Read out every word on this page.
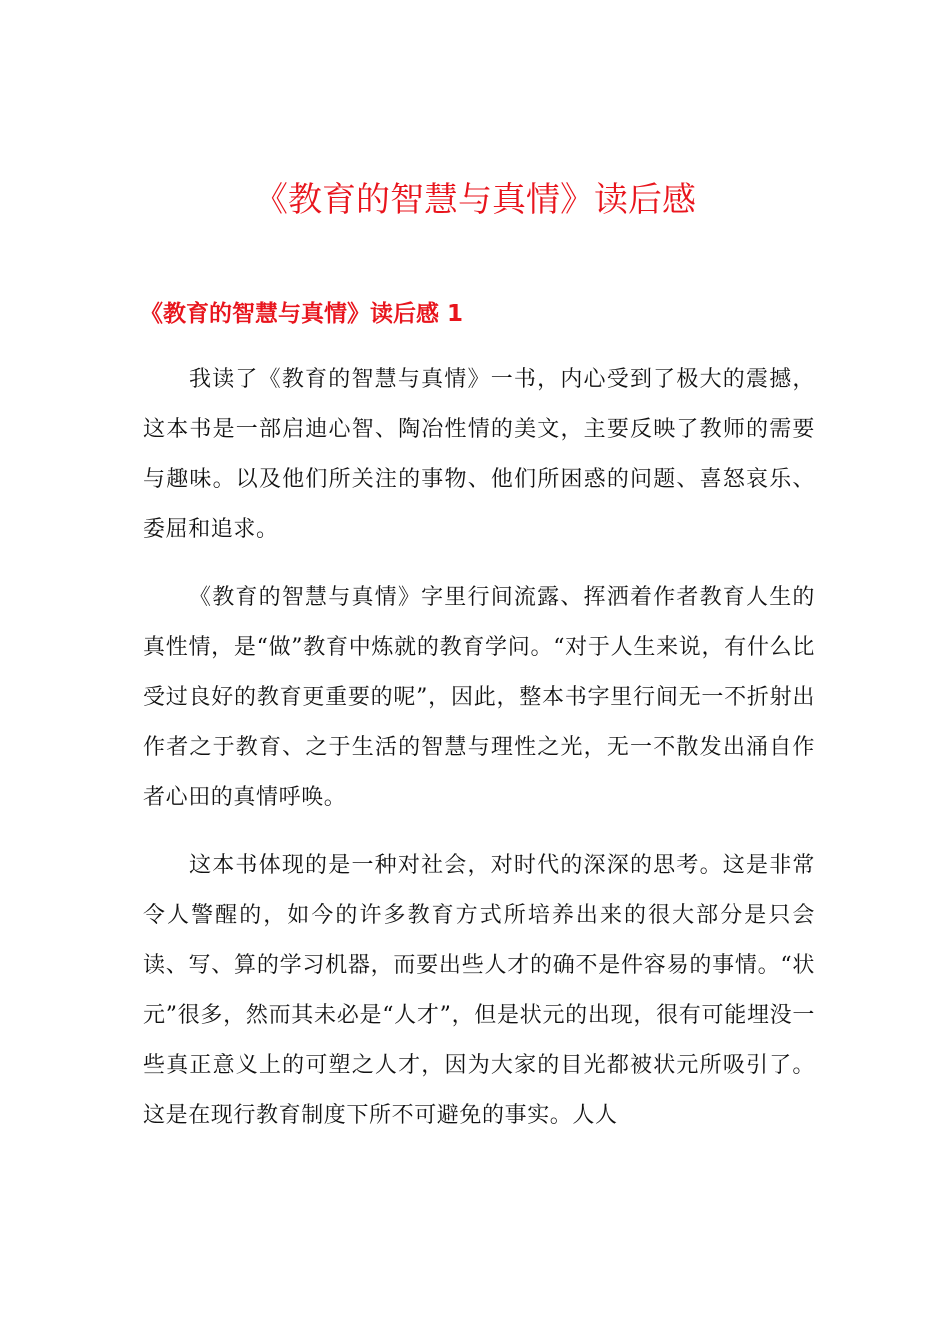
《教育的智慧与真情》读后感
《教育的智慧与真情》读后感 1

我读了《教育的智慧与真情》一书，内心受到了极大的震撼，这本书是一部启迪心智、陶冶性情的美文，主要反映了教师的需要与趣味。以及他们所关注的事物、他们所困惑的问题、喜怒哀乐、委屈和追求。

《教育的智慧与真情》字里行间流露、挥洒着作者教育人生的真性情，是“做”教育中炼就的教育学问。“对于人生来说，有什么比受过良好的教育更重要的呢”，因此，整本书字里行间无一不折射出作者之于教育、之于生活的智慧与理性之光，无一不散发出涌自作者心田的真情呼唤。

这本书体现的是一种对社会，对时代的深深的思考。这是非常令人警醒的，如今的许多教育方式所培养出来的很大部分是只会读、写、算的学习机器，而要出些人才的确不是件容易的事情。“状元”很多，然而其未必是“人才”，但是状元的出现，很有可能埋没一些真正意义上的可塑之人才，因为大家的目光都被状元所吸引了。这是在现行教育制度下所不可避免的事实。人人
